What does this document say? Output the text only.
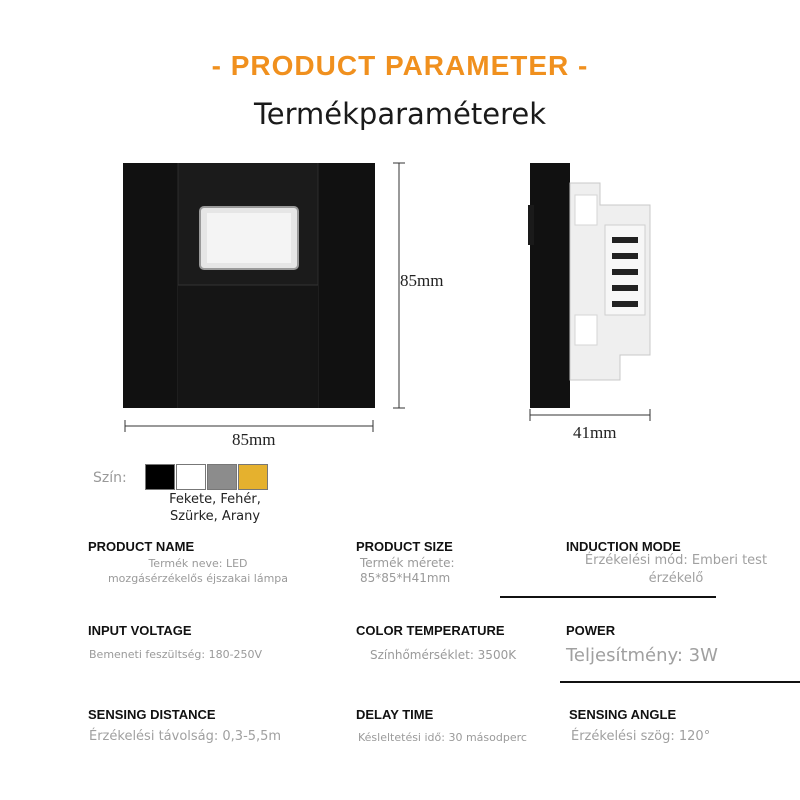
- PRODUCT PARAMETER -
Termékparaméterek
85mm
85mm	41mm
Szín:
Fekete, Fehér,
Szürke, Arany
PRODUCT NAME
Termék neve: LED
mozgásérzékelős éjszakai lámpa
PRODUCT SIZE
Termék mérete:
85*85*H41mm
INDUCTION MODE
Érzékelési mód: Emberi test
érzékelő
INPUT VOLTAGE
Bemeneti feszültség: 180-250V
COLOR TEMPERATURE
Színhőmérséklet: 3500K
POWER
Teljesítmény: 3W
SENSING DISTANCE
Érzékelési távolság: 0,3-5,5m
DELAY TIME
Késleltetési idő: 30 másodperc
SENSING ANGLE
Érzékelési szög: 120°
